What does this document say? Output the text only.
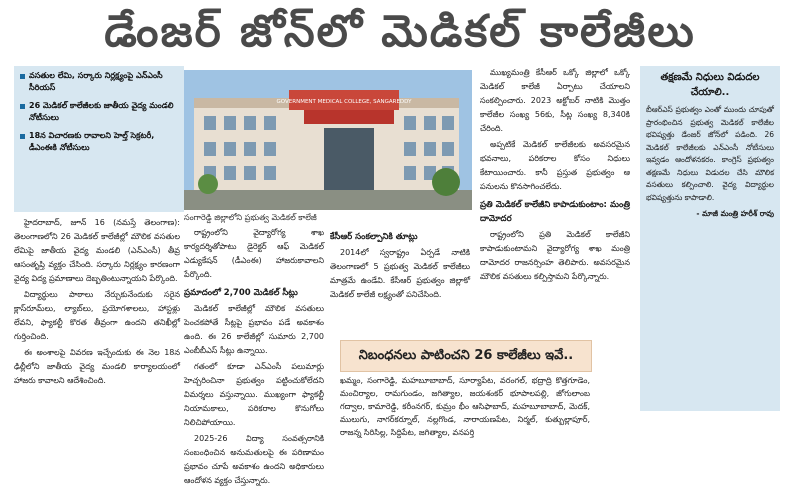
డేంజర్ జోన్‌లో మెడికల్ కాలేజీలు
వసతుల లేమి, సర్కారు నిర్లక్ష్యంపై ఎన్‌ఎంసీ సీరియస్
26 మెడికల్ కాలేజీలకు జాతీయ వైద్య మండలి నోటీసులు
18న విచారణకు రావాలని హెల్త్ సెక్రటరీ, డీఎంఈకి నోటీసులు
GOVERNMENT MEDICAL COLLEGE, SANGAREDDY
సంగారెడ్డి జిల్లాలోని ప్రభుత్వ మెడికల్ కాలేజీ

హైదరాబాద్, జూన్ 16 (నమస్తే తెలంగాణ): తెలంగాణలోని 26 మెడికల్ కాలేజీల్లో మౌలిక వసతుల లేమిపై జాతీయ వైద్య మండలి (ఎన్‌ఎంసీ) తీవ్ర ఆసంతృప్తి వ్యక్తం చేసింది. సర్కారు నిర్లక్ష్యం కారణంగా వైద్య విద్య ప్రమాణాలు దెబ్బతింటున్నాయని పేర్కొంది.

విద్యార్థులు పాఠాలు నేర్చుకునేందుకు సరైన క్లాస్‌రూమ్‌లు, ల్యాబ్‌లు, ప్రయోగశాలలు, హాస్టళ్లు లేవని, ఫ్యాకల్టీ కొరత తీవ్రంగా ఉందని తనిఖీల్లో గుర్తించింది.

ఈ అంశాలపై వివరణ ఇచ్చేందుకు ఈ నెల 18న ఢిల్లీలోని జాతీయ వైద్య మండలి కార్యాలయంలో హాజరు కావాలని ఆదేశించింది.

రాష్ట్రంలోని వైద్యారోగ్య శాఖ కార్యదర్శితోపాటు డైరెక్టర్ ఆఫ్ మెడికల్ ఎడ్యుకేషన్ (డీఎంఈ) హాజరుకావాలని పేర్కొంది.

ప్రమాదంలో 2,700 మెడికల్ సీట్లు

మెడికల్ కాలేజీల్లో మౌలిక వసతులు పెంచకపోతే సీట్లపై ప్రభావం పడే అవకాశం ఉంది. ఈ 26 కాలేజీల్లో సుమారు 2,700 ఎంబీబీఎస్ సీట్లు ఉన్నాయి.

గతంలో కూడా ఎన్‌ఎంసీ పలుమార్లు హెచ్చరించినా ప్రభుత్వం పట్టించుకోలేదని విమర్శలు వస్తున్నాయి. ముఖ్యంగా ఫ్యాకల్టీ నియామకాలు, పరికరాల కొనుగోలు నిలిచిపోయాయి.

2025-26 విద్యా సంవత్సరానికి సంబంధించిన అనుమతులపై ఈ పరిణామం ప్రభావం చూపే అవకాశం ఉందని అధికారులు ఆందోళన వ్యక్తం చేస్తున్నారు.

కేసీఆర్ సంకల్పానికి తూట్లు

2014లో స్వరాష్ట్రం ఏర్పడే నాటికి తెలంగాణలో 5 ప్రభుత్వ మెడికల్ కాలేజీలు మాత్రమే ఉండేవి. కేసీఆర్ ప్రభుత్వం జిల్లాకో మెడికల్ కాలేజీ లక్ష్యంతో పనిచేసింది.

ముఖ్యమంత్రి కేసీఆర్ ఒక్కో జిల్లాలో ఒక్కో మెడికల్ కాలేజీ ఏర్పాటు చేయాలని సంకల్పించారు. 2023 అక్టోబర్ నాటికి మొత్తం కాలేజీల సంఖ్య 56కు, సీట్ల సంఖ్య 8,340కి చేరింది.

అప్పటికే మెడికల్ కాలేజీలకు అవసరమైన భవనాలు, పరికరాల కోసం నిధులు కేటాయించారు. కానీ ప్రస్తుత ప్రభుత్వం ఆ పనులను కొనసాగించలేదు.

ప్రతి మెడికల్ కాలేజీని కాపాడుకుంటాం: మంత్రి దామోదర

రాష్ట్రంలోని ప్రతి మెడికల్ కాలేజీని కాపాడుకుంటామని వైద్యారోగ్య శాఖ మంత్రి దామోదర రాజనర్సింహ తెలిపారు. అవసరమైన మౌలిక వసతులు కల్పిస్తామని పేర్కొన్నారు.

నిబంధనలు పాటించని 26 కాలేజీలు ఇవే..
ఖమ్మం, సంగారెడ్డి, మహబూబాబాద్, సూర్యాపేట, వరంగల్, భద్రాద్రి కొత్తగూడెం, మంచిర్యాల, రామగుండం, జగిత్యాల, జయశంకర్ భూపాలపల్లి, జోగులాంబ గద్వాల, కామారెడ్డి, కరీంనగర్, కుమ్రం భీం ఆసిఫాబాద్, మహబూబాబాద్, మెదక్, ములుగు, నాగర్‌కర్నూల్, నల్లగొండ, నారాయణపేట, నిర్మల్, కుత్బుల్లాపూర్, రాజన్న సిరిసిల్ల, సిద్దిపేట, జగిత్యాల, వనపర్తి
తక్షణమే నిధులు విడుదల చేయాలి..
బీఆర్‌ఎస్ ప్రభుత్వం ఎంతో ముందు చూపుతో ప్రారంభించిన ప్రభుత్వ మెడికల్ కాలేజీల భవిష్యత్తు డేంజర్ జోన్‌లో పడింది. 26 మెడికల్ కాలేజీలకు ఎన్‌ఎంసీ నోటీసులు ఇవ్వడం ఆందోళనకరం. కాంగ్రెస్ ప్రభుత్వం తక్షణమే నిధులు విడుదల చేసి మౌలిక వసతులు కల్పించాలి. వైద్య విద్యార్థుల భవిష్యత్తును కాపాడాలి.
- మాజీ మంత్రి హరీశ్ రావు
